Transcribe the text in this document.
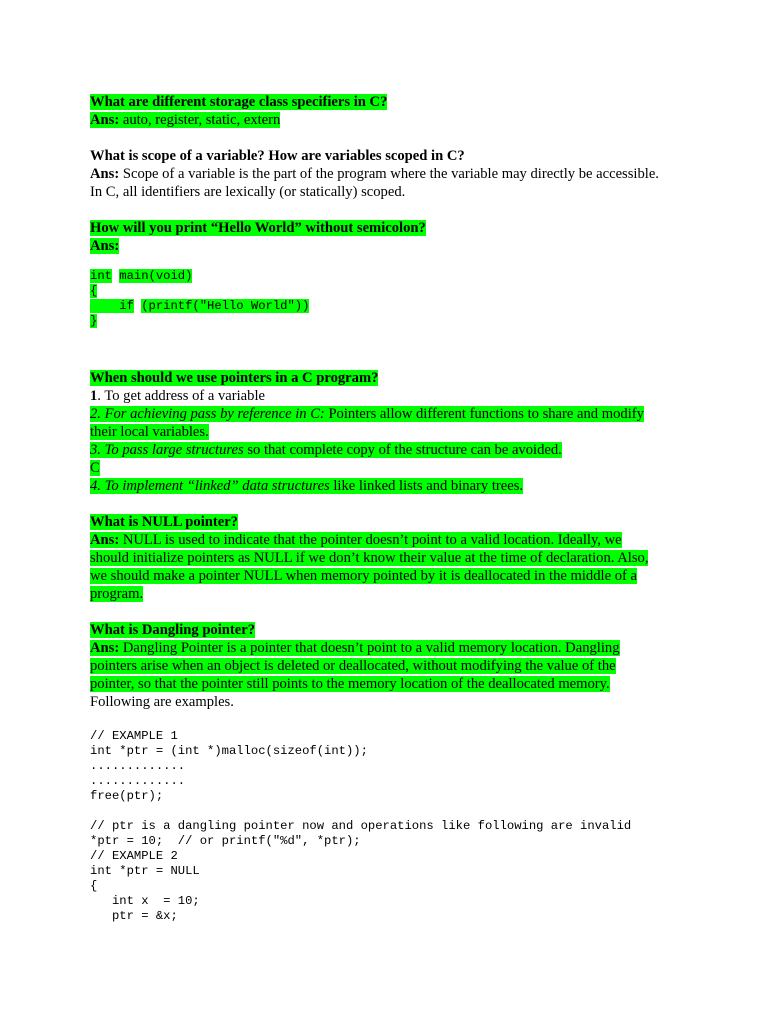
What are different storage class specifiers in C?
Ans: auto, register, static, extern
What is scope of a variable? How are variables scoped in C?
Ans: Scope of a variable is the part of the program where the variable may directly be accessible.
In C, all identifiers are lexically (or statically) scoped.
How will you print “Hello World” without semicolon?
Ans:
int main(void)
{
if (printf("Hello World"))
}
When should we use pointers in a C program?
1. To get address of a variable
2. For achieving pass by reference in C: Pointers allow different functions to share and modify
their local variables.
3. To pass large structures so that complete copy of the structure can be avoided.
C
4. To implement “linked” data structures like linked lists and binary trees.
What is NULL pointer?
Ans: NULL is used to indicate that the pointer doesn’t point to a valid location. Ideally, we
should initialize pointers as NULL if we don’t know their value at the time of declaration. Also,
we should make a pointer NULL when memory pointed by it is deallocated in the middle of a
program.
What is Dangling pointer?
Ans: Dangling Pointer is a pointer that doesn’t point to a valid memory location. Dangling
pointers arise when an object is deleted or deallocated, without modifying the value of the
pointer, so that the pointer still points to the memory location of the deallocated memory.
Following are examples.
// EXAMPLE 1
int *ptr = (int *)malloc(sizeof(int));
.............
.............
free(ptr);
// ptr is a dangling pointer now and operations like following are invalid
*ptr = 10;  // or printf("%d", *ptr);
// EXAMPLE 2
int *ptr = NULL
{
int x  = 10;
ptr = &x;
